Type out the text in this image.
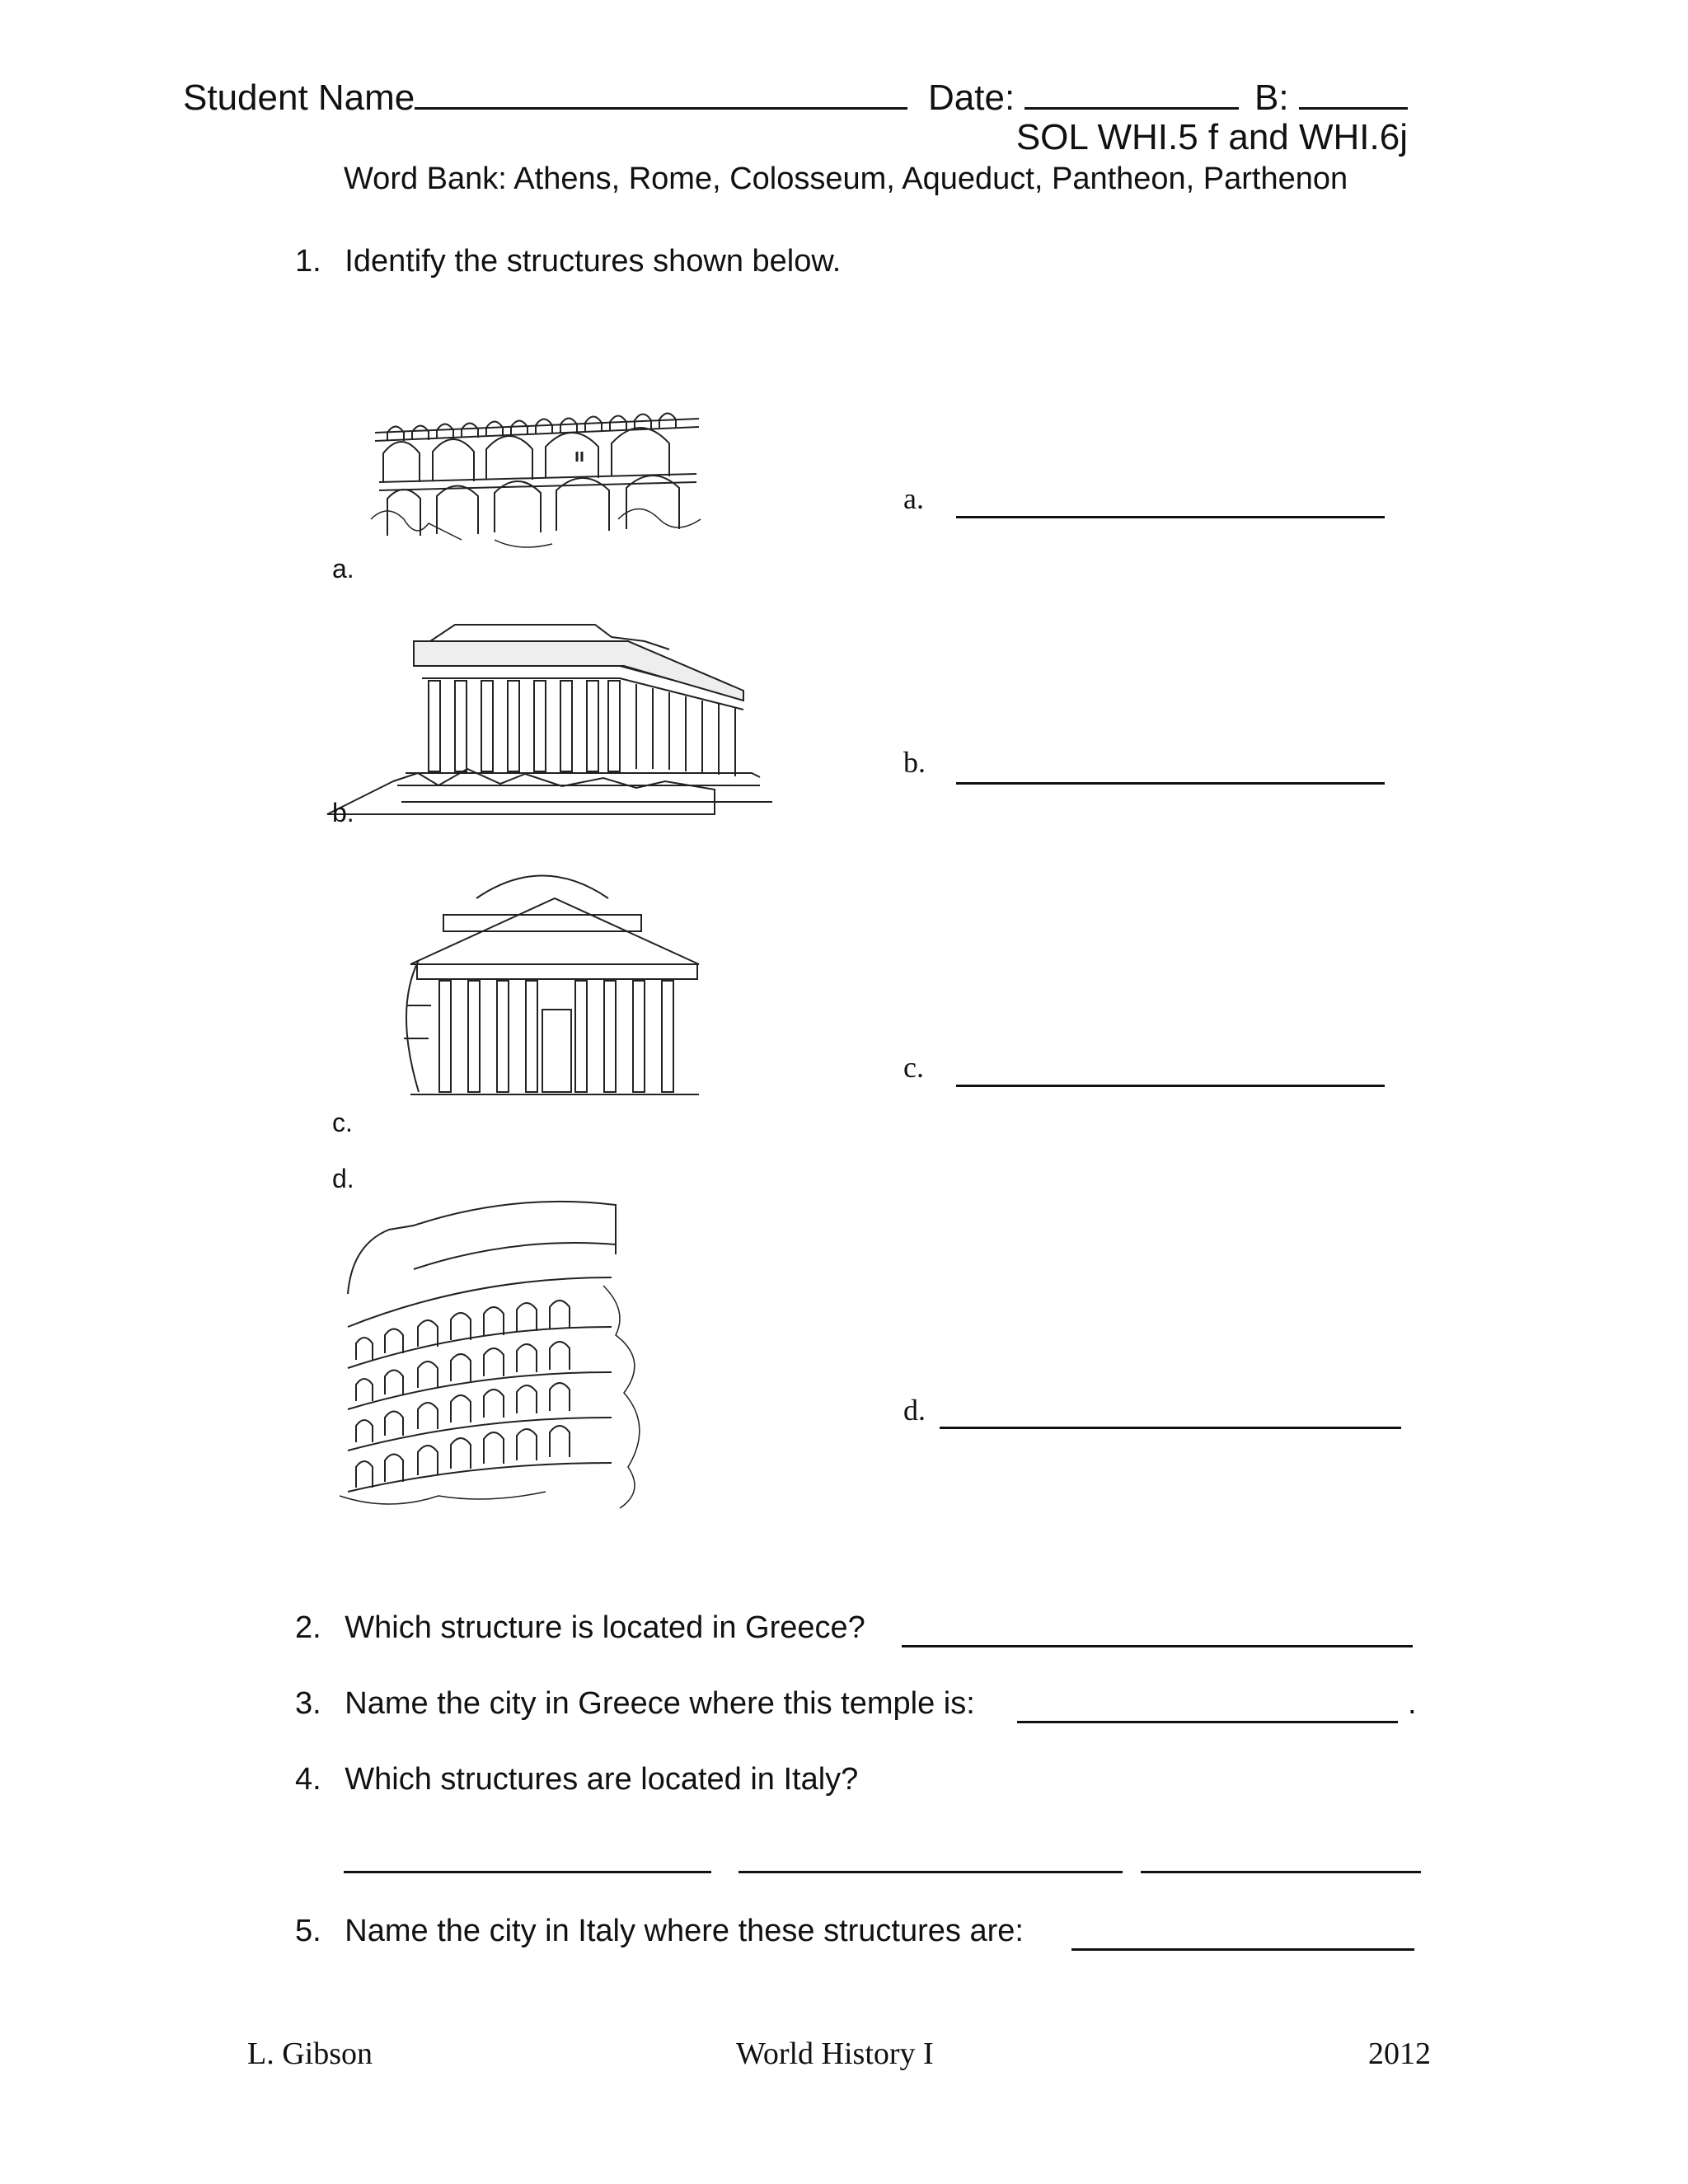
Student Name	Date:	B:
SOL WHI.5 f and WHI.6j
Word Bank: Athens, Rome, Colosseum, Aqueduct, Pantheon, Parthenon
1. Identify the structures shown below.
a.
b.
c.
d.
a.
b.
c.
d.
2. Which structure is located in Greece?
3. Name the city in Greece where this temple is:	.
4. Which structures are located in Italy?
5. Name the city in Italy where these structures are:
L. Gibson	World History I	2012
